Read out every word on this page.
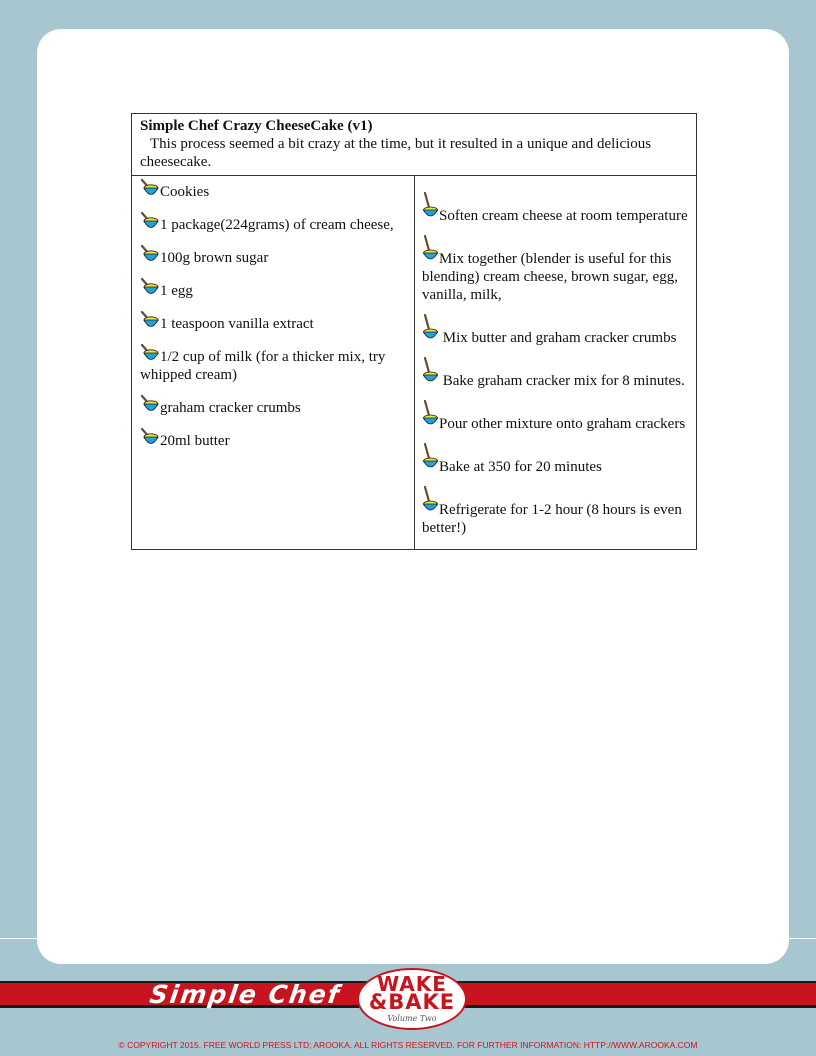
Simple Chef Crazy CheeseCake (v1)
This process seemed a bit crazy at the time, but it resulted in a unique and delicious cheesecake.

Cookies
1 package(224grams) of cream cheese,
100g brown sugar
1 egg
1 teaspoon vanilla extract
1/2 cup of milk (for a thicker mix, try whipped cream)
graham cracker crumbs
20ml butter

Soften cream cheese at room temperature
Mix together (blender is useful for this blending) cream cheese, brown sugar, egg, vanilla, milk,
Mix butter and graham cracker crumbs
Bake graham cracker mix for 8 minutes.
Pour other mixture onto graham crackers
Bake at 350 for 20 minutes
Refrigerate for 1-2 hour (8 hours is even better!)
Simple Chef	WAKE
&BAKE
Volume Two
© COPYRIGHT 2015. FREE WORLD PRESS LTD; AROOKA. ALL RIGHTS RESERVED. FOR FURTHER INFORMATION: HTTP://WWW.AROOKA.COM
